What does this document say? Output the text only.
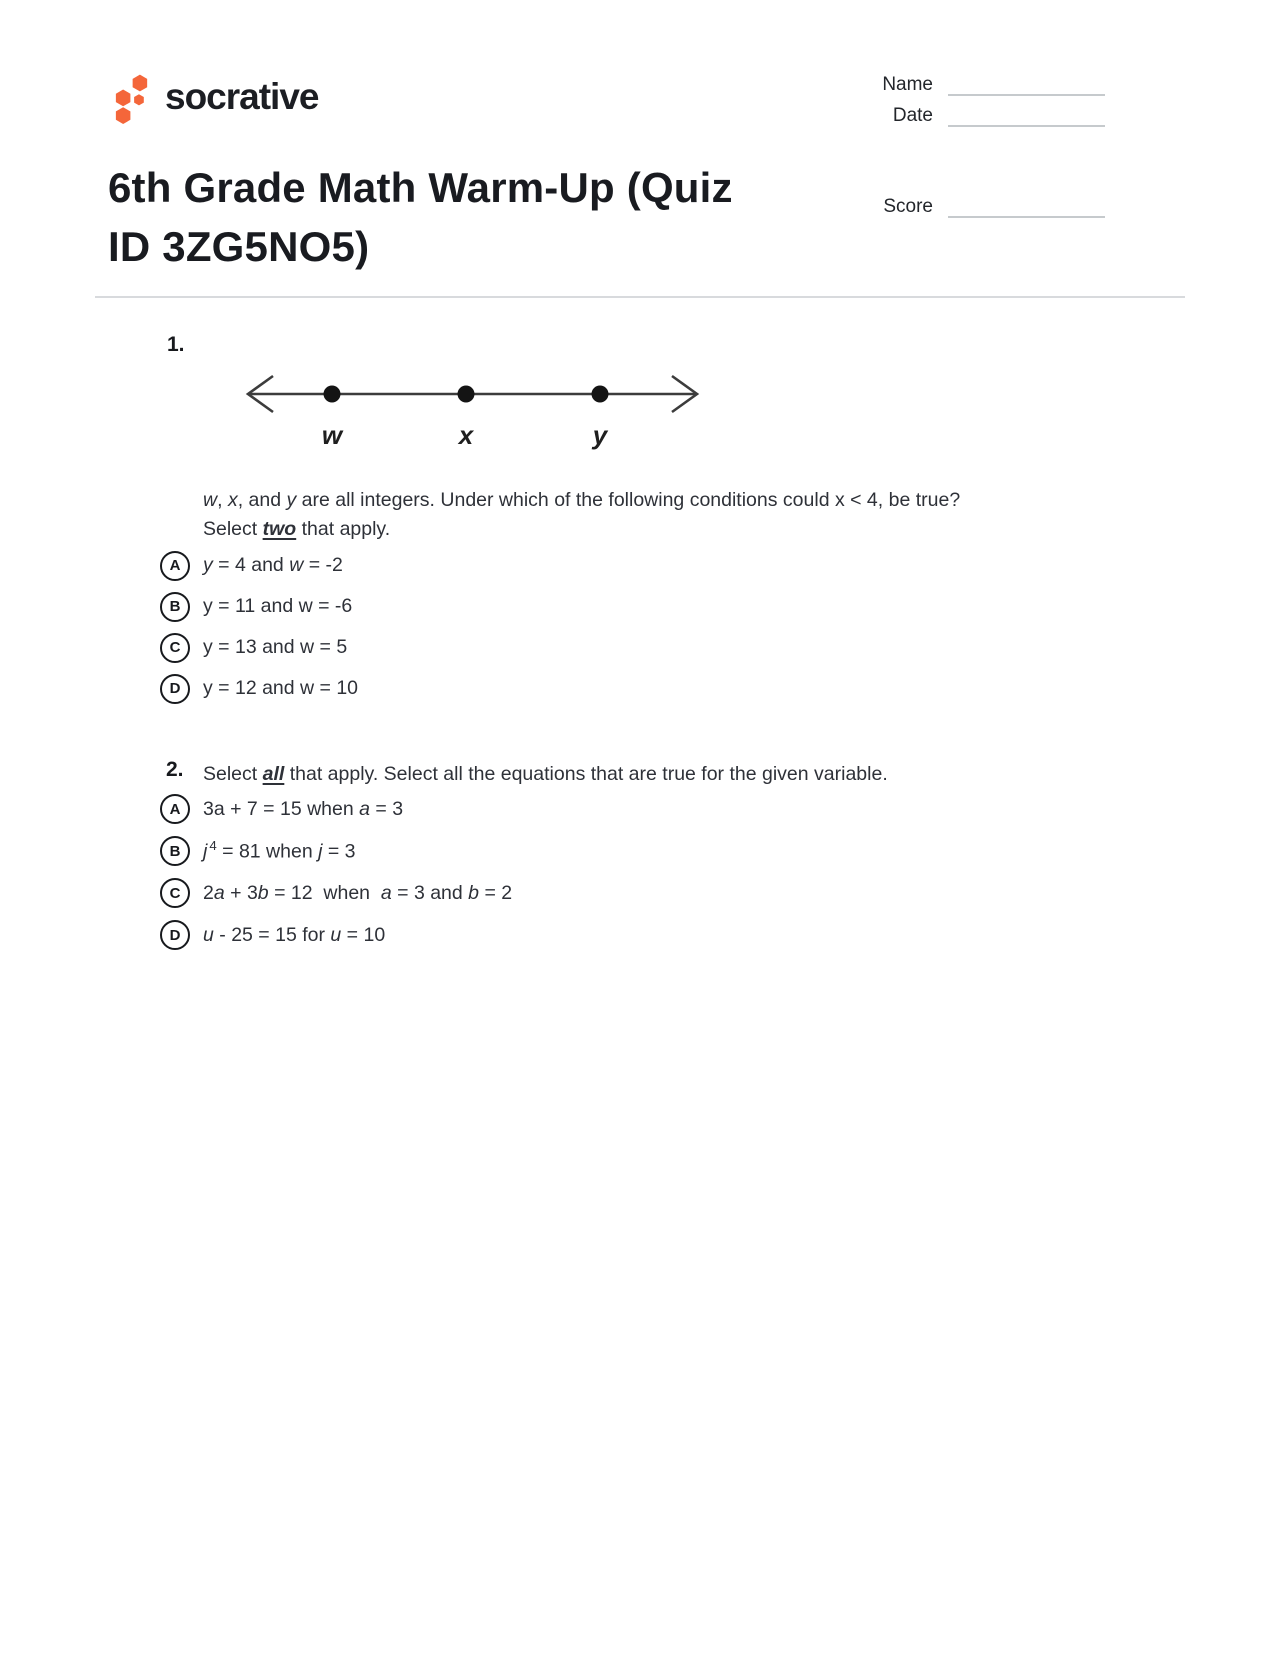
socrative	Name
Date
6th Grade Math Warm-Up (Quiz
ID 3ZG5NO5)
Score
1.
w	x	y

w, x, and y are all integers. Under which of the following conditions could x < 4, be true?
Select two that apply.

A	y = 4 and w = -2
B	y = 11 and w = -6
C	y = 13 and w = 5
D	y = 12 and w = 10
2. Select all that apply. Select all the equations that are true for the given variable.

A	3a + 7 = 15 when a = 3
B	j $^4$ = 81 when j = 3
C	2a + 3b = 12  when  a = 3 and b = 2
D	u - 25 = 15 for u = 10
